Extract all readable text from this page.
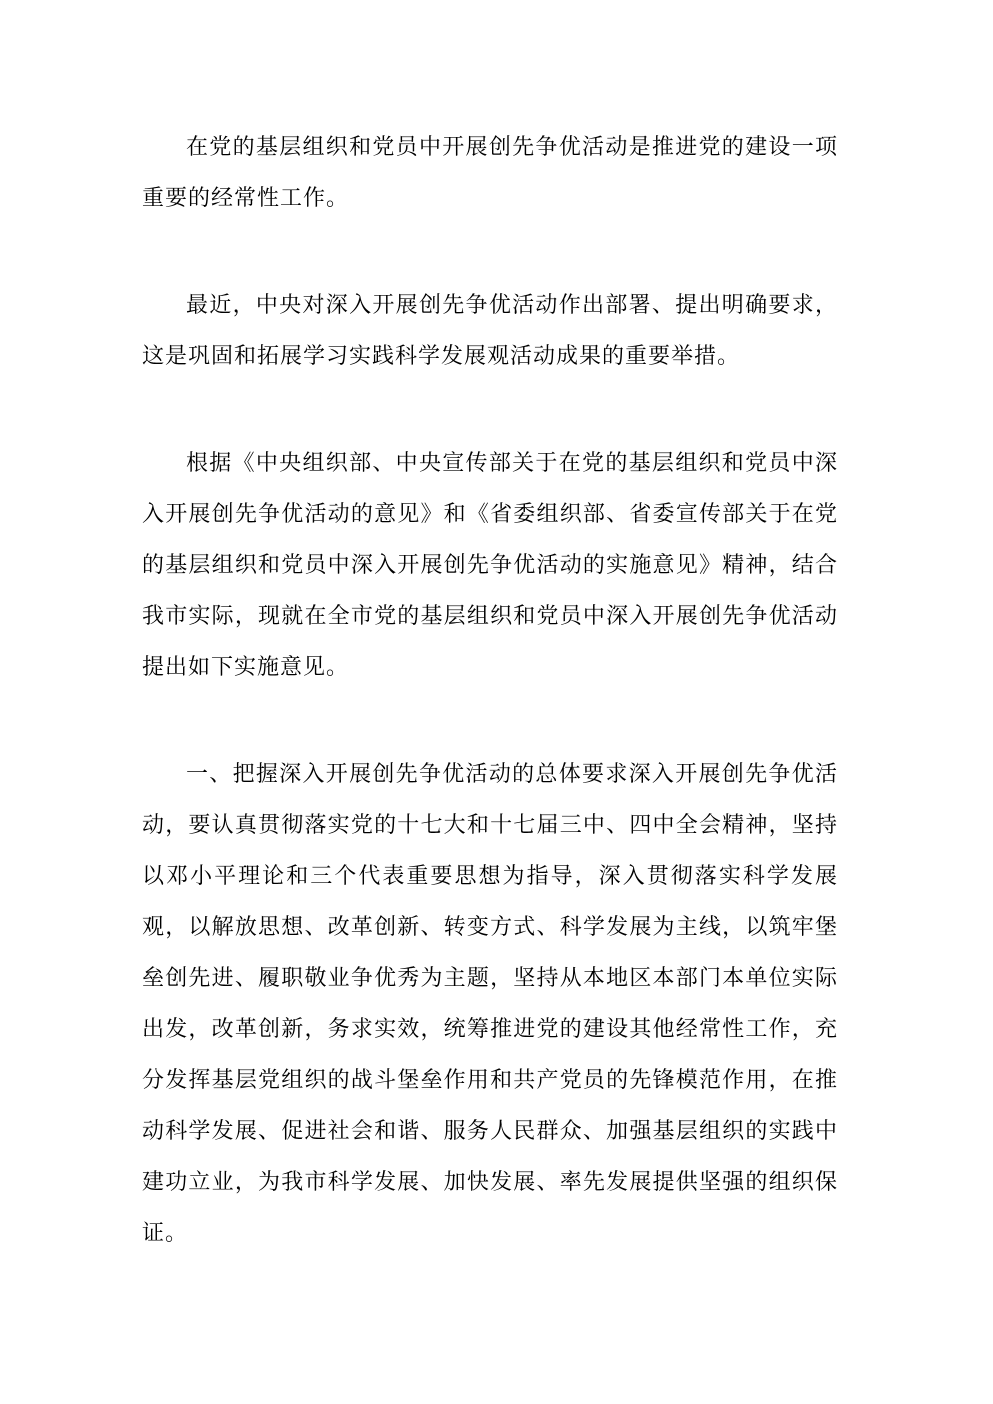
在党的基层组织和党员中开展创先争优活动是推进党的建设一项重要的经常性工作。

最近，中央对深入开展创先争优活动作出部署、提出明确要求，这是巩固和拓展学习实践科学发展观活动成果的重要举措。

根据《中央组织部、中央宣传部关于在党的基层组织和党员中深入开展创先争优活动的意见》和《省委组织部、省委宣传部关于在党的基层组织和党员中深入开展创先争优活动的实施意见》精神，结合我市实际，现就在全市党的基层组织和党员中深入开展创先争优活动提出如下实施意见。

一、把握深入开展创先争优活动的总体要求深入开展创先争优活动，要认真贯彻落实党的十七大和十七届三中、四中全会精神，坚持以邓小平理论和三个代表重要思想为指导，深入贯彻落实科学发展观，以解放思想、改革创新、转变方式、科学发展为主线，以筑牢堡垒创先进、履职敬业争优秀为主题，坚持从本地区本部门本单位实际出发，改革创新，务求实效，统筹推进党的建设其他经常性工作，充分发挥基层党组织的战斗堡垒作用和共产党员的先锋模范作用，在推动科学发展、促进社会和谐、服务人民群众、加强基层组织的实践中建功立业，为我市科学发展、加快发展、率先发展提供坚强的组织保证。
